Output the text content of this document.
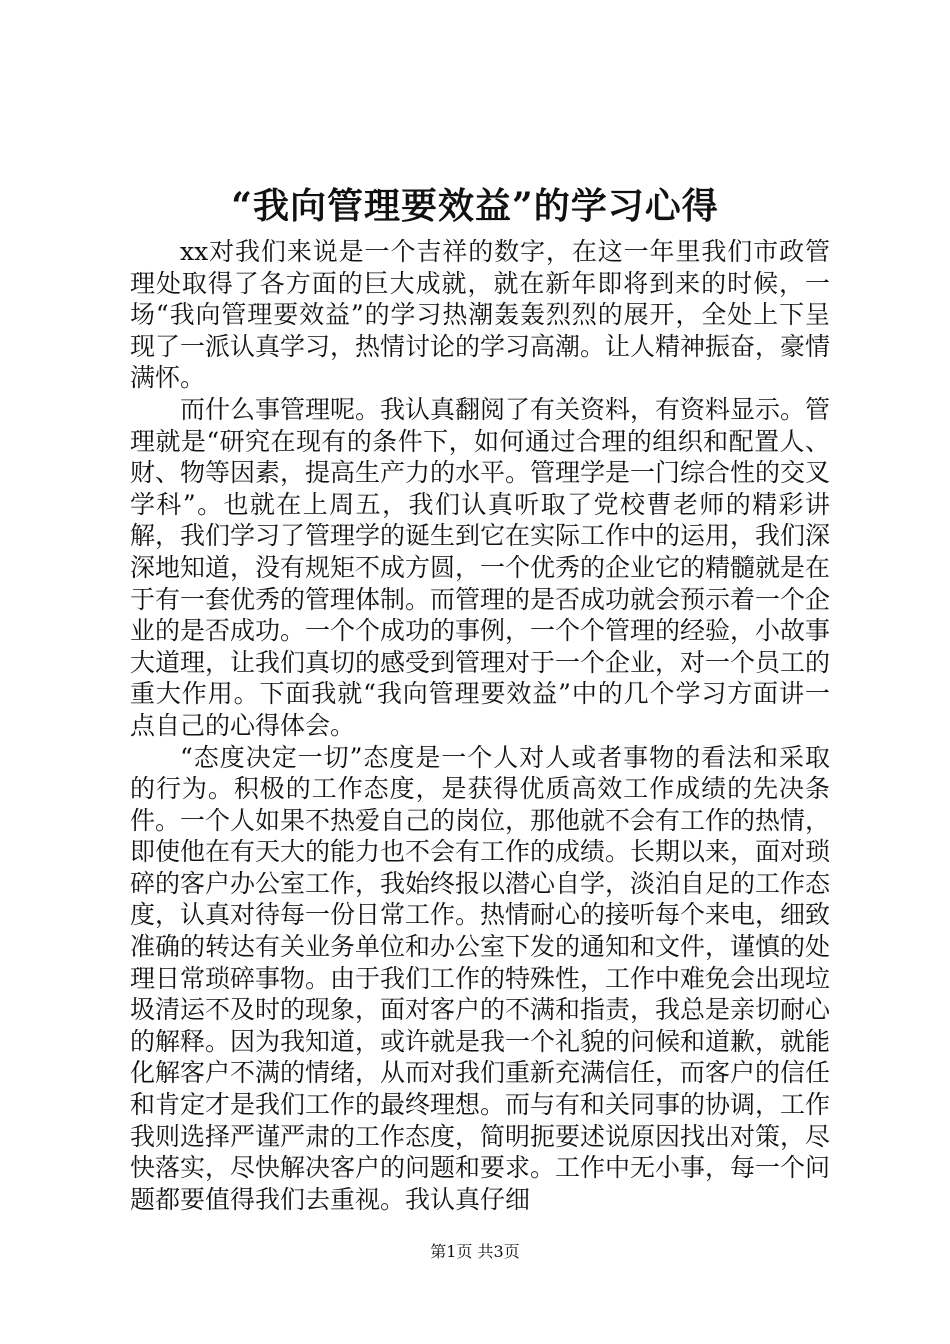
“我向管理要效益”的学习心得

xx对我们来说是一个吉祥的数字，在这一年里我们市政管理处取得了各方面的巨大成就，就在新年即将到来的时候，一场“我向管理要效益”的学习热潮轰轰烈烈的展开，全处上下呈现了一派认真学习，热情讨论的学习高潮。让人精神振奋，豪情满怀。

而什么事管理呢。我认真翻阅了有关资料，有资料显示。管理就是“研究在现有的条件下，如何通过合理的组织和配置人、财、物等因素，提高生产力的水平。管理学是一门综合性的交叉学科”。也就在上周五，我们认真听取了党校曹老师的精彩讲解，我们学习了管理学的诞生到它在实际工作中的运用，我们深深地知道，没有规矩不成方圆，一个优秀的企业它的精髓就是在于有一套优秀的管理体制。而管理的是否成功就会预示着一个企业的是否成功。一个个成功的事例，一个个管理的经验，小故事大道理，让我们真切的感受到管理对于一个企业，对一个员工的重大作用。下面我就“我向管理要效益”中的几个学习方面讲一点自己的心得体会。

“态度决定一切”态度是一个人对人或者事物的看法和采取的行为。积极的工作态度，是获得优质高效工作成绩的先决条件。一个人如果不热爱自己的岗位，那他就不会有工作的热情，即使他在有天大的能力也不会有工作的成绩。长期以来，面对琐碎的客户办公室工作，我始终报以潜心自学，淡泊自足的工作态度，认真对待每一份日常工作。热情耐心的接听每个来电，细致准确的转达有关业务单位和办公室下发的通知和文件，谨慎的处理日常琐碎事物。由于我们工作的特殊性，工作中难免会出现垃圾清运不及时的现象，面对客户的不满和指责，我总是亲切耐心的解释。因为我知道，或许就是我一个礼貌的问候和道歉，就能化解客户不满的情绪，从而对我们重新充满信任，而客户的信任和肯定才是我们工作的最终理想。而与有和关同事的协调，工作我则选择严谨严肃的工作态度，简明扼要述说原因找出对策，尽快落实，尽快解决客户的问题和要求。工作中无小事，每一个问题都要值得我们去重视。我认真仔细

第1页 共3页
